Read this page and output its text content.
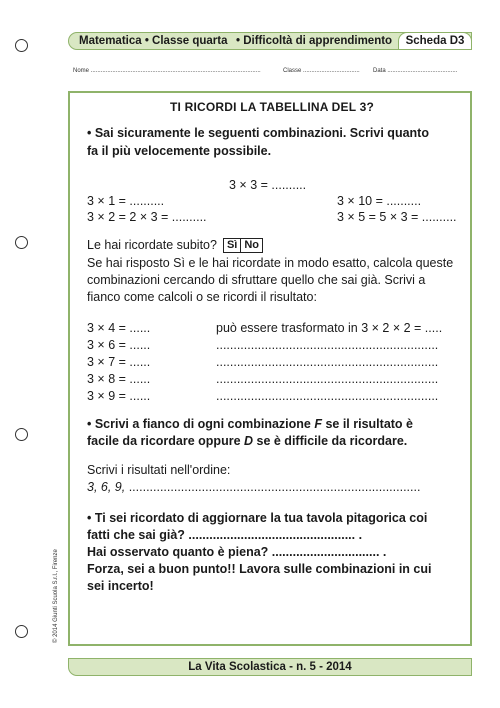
Matematica • Classe quarta • Difficoltà di apprendimento	Scheda D3
Nome ......................................................................................................	Classe .................................. Data ..........................................
TI RICORDI LA TABELLINA DEL 3?
• Sai sicuramente le seguenti combinazioni. Scrivi quanto
fa il più velocemente possibile.
3 × 3 = ..........
3 × 1 = ..........	3 × 10 = ..........
3 × 2 = 2 × 3 = ..........	3 × 5 = 5 × 3 = ..........
Le hai ricordate subito? Sì No
Se hai risposto Sì e le hai ricordate in modo esatto, calcola queste
combinazioni cercando di sfruttare quello che sai già. Scrivi a
fianco come calcoli o se ricordi il risultato:
3 × 4 = ......	può essere trasformato in 3 × 2 × 2 = .....
3 × 6 = ......	................................................................
3 × 7 = ......	................................................................
3 × 8 = ......	................................................................
3 × 9 = ......	................................................................
• Scrivi a fianco di ogni combinazione F se il risultato è
facile da ricordare oppure D se è difficile da ricordare.
Scrivi i risultati nell'ordine:
3, 6, 9, ....................................................................................
• Ti sei ricordato di aggiornare la tua tavola pitagorica coi
fatti che sai già? ................................................ .
Hai osservato quanto è piena? ............................... .
Forza, sei a buon punto!! Lavora sulle combinazioni in cui
sei incerto!
© 2014 Giunti Scuola S.r.l., Firenze
La Vita Scolastica - n. 5 - 2014
